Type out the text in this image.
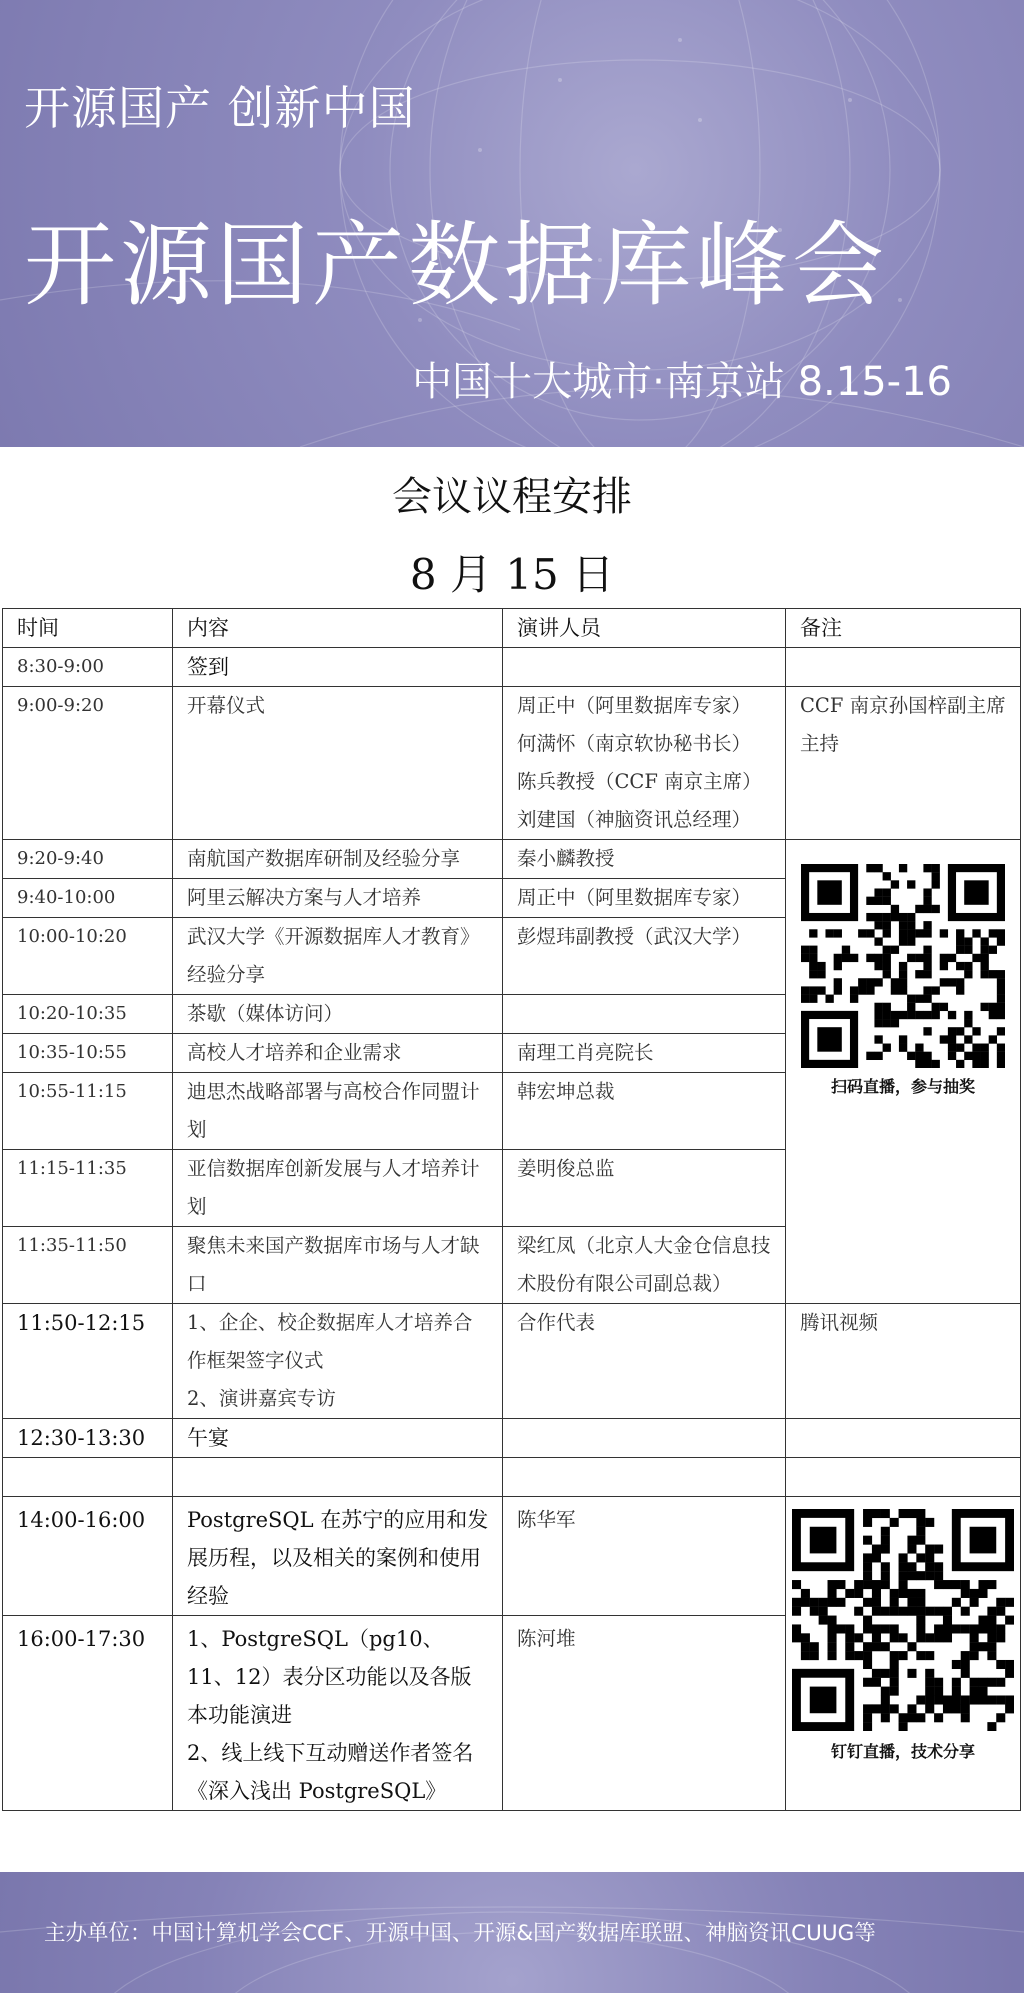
开源国产 创新中国
开源国产数据库峰会
中国十大城市·南京站 8.15-16
会议议程安排
8 月 15 日
时间	内容	演讲人员	备注
8:30-9:00	签到		
9:00-9:20	开幕仪式	周正中（阿里数据库专家）
何满怀（南京软协秘书长）
陈兵教授（CCF 南京主席）
刘建国（神脑资讯总经理）	CCF 南京孙国梓副主席主持
9:20-9:40	南航国产数据库研制及经验分享	秦小麟教授	扫码直播，参与抽奖

9:40-10:00	阿里云解决方案与人才培养	周正中（阿里数据库专家）	
10:00-10:20	武汉大学《开源数据库人才教育》经验分享	彭煜玮副教授（武汉大学）	
10:20-10:35	茶歇（媒体访问）		
10:35-10:55	高校人才培养和企业需求	南理工肖亮院长	
10:55-11:15	迪思杰战略部署与高校合作同盟计划	韩宏坤总裁	
11:15-11:35	亚信数据库创新发展与人才培养计划	姜明俊总监	
11:35-11:50	聚焦未来国产数据库市场与人才缺口	梁红凤（北京人大金仓信息技术股份有限公司副总裁）	
11:50-12:15	1、企企、校企数据库人才培养合作框架签字仪式
2、演讲嘉宾专访	合作代表	腾讯视频
12:30-13:30	午宴		

14:00-16:00	PostgreSQL 在苏宁的应用和发展历程，以及相关的案例和使用经验	陈华军	钉钉直播，技术分享

16:00-17:30	1、PostgreSQL（pg10、11、12）表分区功能以及各版本功能演进
2、线上线下互动赠送作者签名《深入浅出 PostgreSQL》	陈河堆	
主办单位：中国计算机学会CCF、开源中国、开源&国产数据库联盟、神脑资讯CUUG等
